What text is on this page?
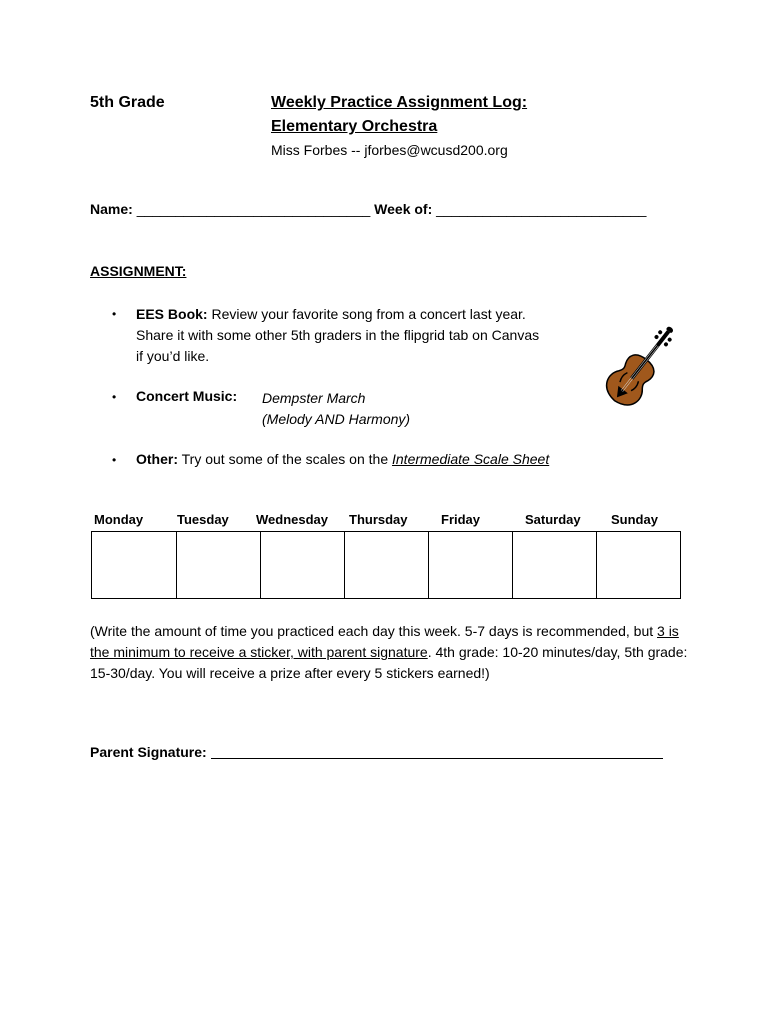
5th Grade	Weekly Practice Assignment Log:
Elementary Orchestra
Miss Forbes -- jforbes@wcusd200.org
Name: ______________________________ Week of: ___________________________
ASSIGNMENT:
• EES Book: Review your favorite song from a concert last year.
Share it with some other 5th graders in the flipgrid tab on Canvas
if you’d like.
• Concert Music: Dempster March
(Melody AND Harmony)
• Other: Try out some of the scales on the Intermediate Scale Sheet
Monday	Tuesday Wednesday Thursday	Friday	Saturday Sunday
(Write the amount of time you practiced each day this week. 5-7 days is recommended, but 3 is the minimum to receive a sticker, with parent signature. 4th grade: 10-20 minutes/day, 5th grade: 15-30/day. You will receive a prize after every 5 stickers earned!)
Parent Signature:
